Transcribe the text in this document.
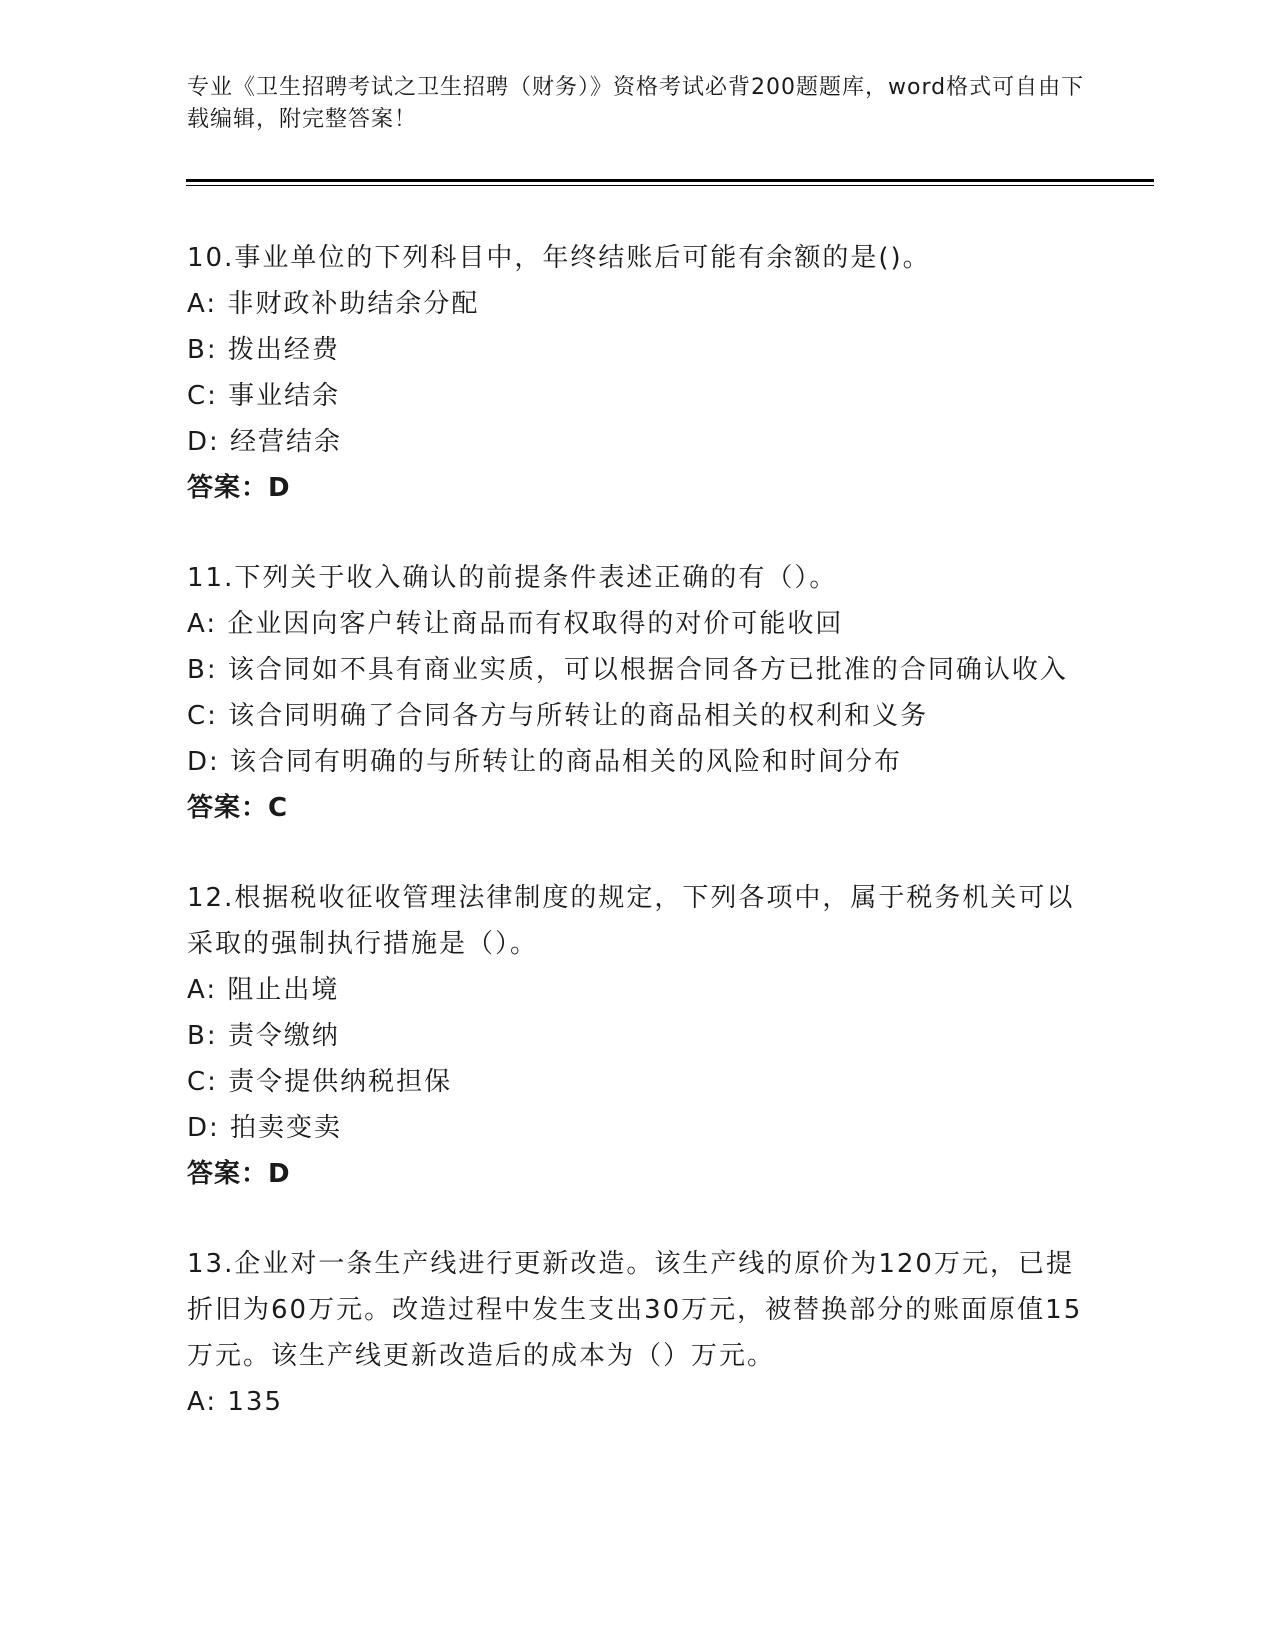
专业《卫生招聘考试之卫生招聘（财务）》资格考试必背200题题库，word格式可自由下载编辑，附完整答案！
10.事业单位的下列科目中，年终结账后可能有余额的是()。
A: 非财政补助结余分配
B: 拨出经费
C: 事业结余
D: 经营结余
答案：D
11.下列关于收入确认的前提条件表述正确的有（）。
A: 企业因向客户转让商品而有权取得的对价可能收回
B: 该合同如不具有商业实质，可以根据合同各方已批准的合同确认收入
C: 该合同明确了合同各方与所转让的商品相关的权利和义务
D: 该合同有明确的与所转让的商品相关的风险和时间分布
答案：C
12.根据税收征收管理法律制度的规定，下列各项中，属于税务机关可以采取的强制执行措施是（）。
A: 阻止出境
B: 责令缴纳
C: 责令提供纳税担保
D: 拍卖变卖
答案：D
13.企业对一条生产线进行更新改造。该生产线的原价为120万元，已提折旧为60万元。改造过程中发生支出30万元，被替换部分的账面原值15万元。该生产线更新改造后的成本为（）万元。
A: 135
